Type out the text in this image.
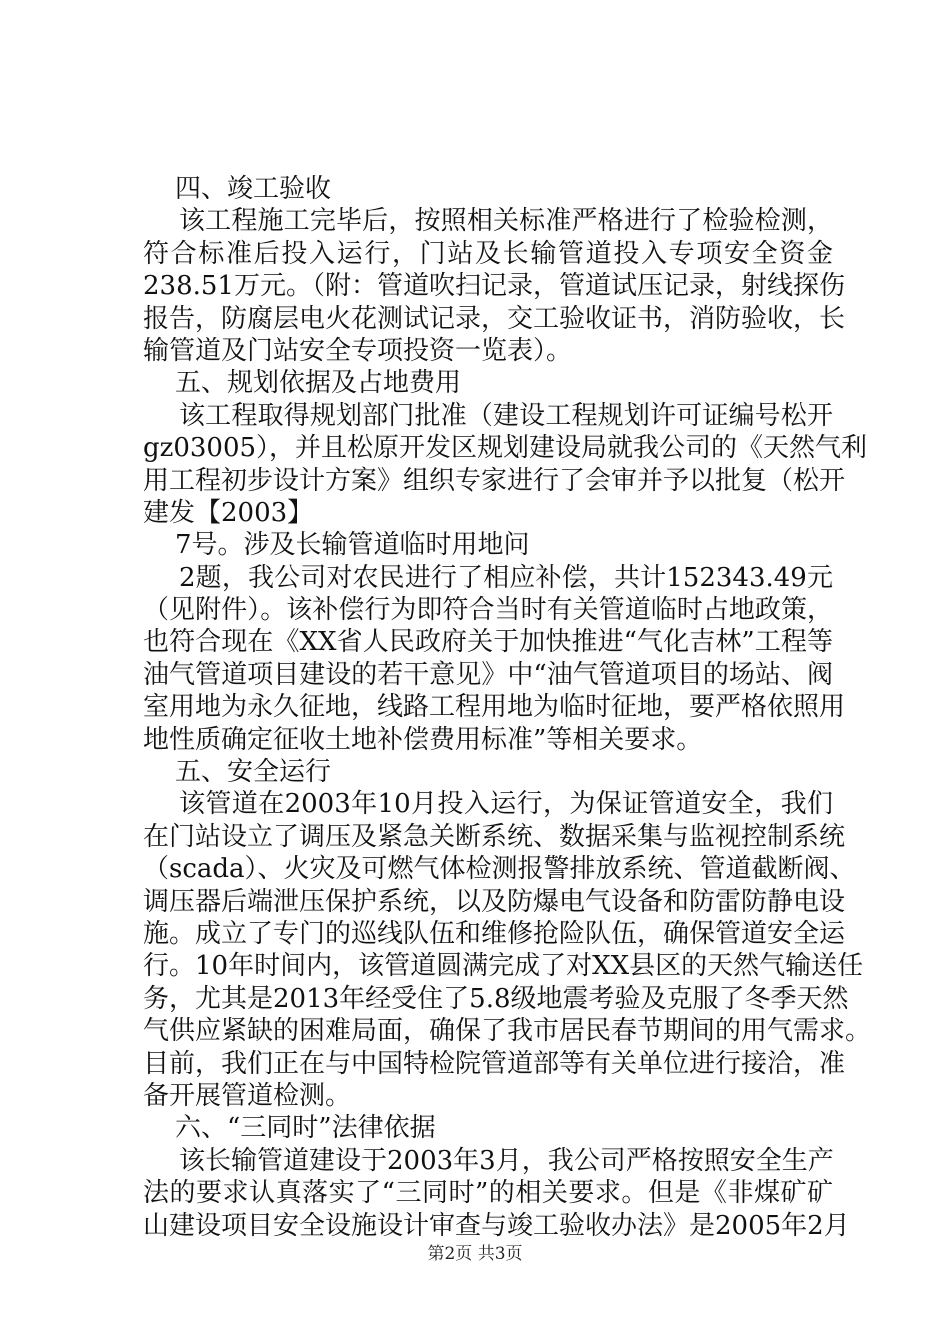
四、竣工验收
该工程施工完毕后，按照相关标准严格进行了检验检测，
符合标准后投入运行，门站及长输管道投入专项安全资金
238.51万元。（附：管道吹扫记录，管道试压记录，射线探伤
报告，防腐层电火花测试记录，交工验收证书，消防验收，长
输管道及门站安全专项投资一览表）。
五、规划依据及占地费用
该工程取得规划部门批准（建设工程规划许可证编号松开
gz03005），并且松原开发区规划建设局就我公司的《天然气利
用工程初步设计方案》组织专家进行了会审并予以批复（松开
建发【2003】
7号。涉及长输管道临时用地问
2题，我公司对农民进行了相应补偿，共计152343.49元
（见附件）。该补偿行为即符合当时有关管道临时占地政策，
也符合现在《XX省人民政府关于加快推进“气化吉林”工程等
油气管道项目建设的若干意见》中“油气管道项目的场站、阀
室用地为永久征地，线路工程用地为临时征地，要严格依照用
地性质确定征收土地补偿费用标准”等相关要求。
五、安全运行
该管道在2003年10月投入运行，为保证管道安全，我们
在门站设立了调压及紧急关断系统、数据采集与监视控制系统
（scada）、火灾及可燃气体检测报警排放系统、管道截断阀、
调压器后端泄压保护系统，以及防爆电气设备和防雷防静电设
施。成立了专门的巡线队伍和维修抢险队伍，确保管道安全运
行。10年时间内，该管道圆满完成了对XX县区的天然气输送任
务，尤其是2013年经受住了5.8级地震考验及克服了冬季天然
气供应紧缺的困难局面，确保了我市居民春节期间的用气需求。
目前，我们正在与中国特检院管道部等有关单位进行接洽，准
备开展管道检测。
六、“三同时”法律依据
该长输管道建设于2003年3月，我公司严格按照安全生产
法的要求认真落实了“三同时”的相关要求。但是《非煤矿矿
山建设项目安全设施设计审查与竣工验收办法》是2005年2月
第2页 共3页
